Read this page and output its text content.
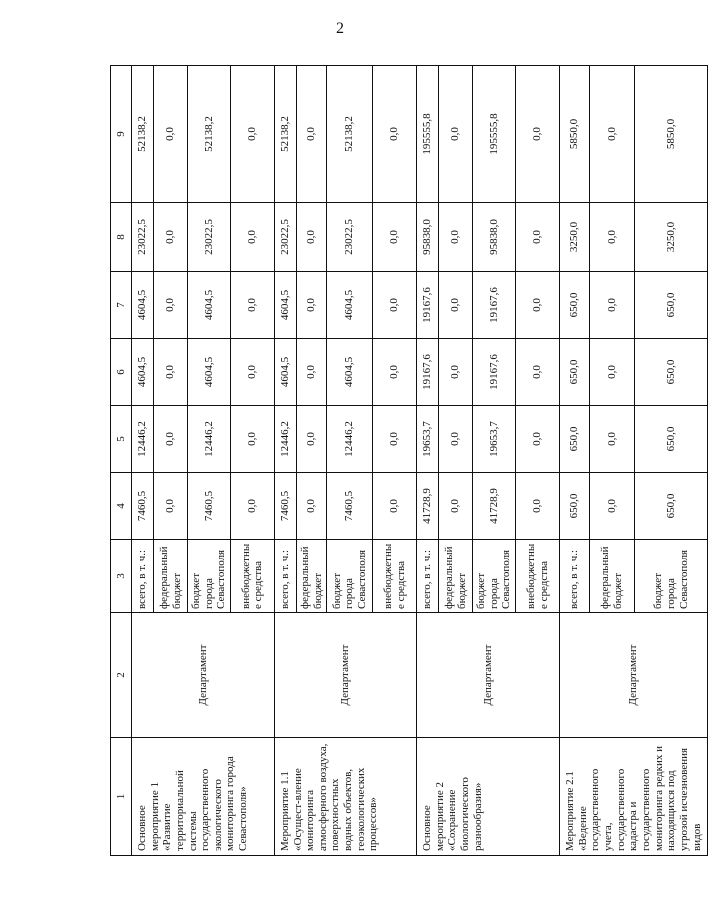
2
1	2	3	4	5	6	7	8	9
Основное мероприятие 1 «Развитие территориальной системы государственного экологического мониторинга города Севастополя»	Департамент	всего, в т. ч.:	7460,5	12446,2	4604,5	4604,5	23022,5	52138,2
		федеральный бюджет	0,0	0,0	0,0	0,0	0,0	0,0
		бюджет города Севастополя	7460,5	12446,2	4604,5	4604,5	23022,5	52138,2
		внебюджетные средства	0,0	0,0	0,0	0,0	0,0	0,0
Мероприятие 1.1 «Осущест-вление мониторинга атмосферного воздуха, поверхностных водных объектов, геоэкологических процессов»	Департамент	всего, в т. ч.:	7460,5	12446,2	4604,5	4604,5	23022,5	52138,2
		федеральный бюджет	0,0	0,0	0,0	0,0	0,0	0,0
		бюджет города Севастополя	7460,5	12446,2	4604,5	4604,5	23022,5	52138,2
		внебюджетные средства	0,0	0,0	0,0	0,0	0,0	0,0
Основное мероприятие 2 «Сохранение биологического разнообразия»	Департамент	всего, в т. ч.:	41728,9	19653,7	19167,6	19167,6	95838,0	195555,8
		федеральный бюджет	0,0	0,0	0,0	0,0	0,0	0,0
		бюджет города Севастополя	41728,9	19653,7	19167,6	19167,6	95838,0	195555,8
		внебюджетные средства	0,0	0,0	0,0	0,0	0,0	0,0
Мероприятие 2.1 «Ведение государственного учета, государственного кадастра и государственного мониторинга редких и находящихся под угрозой исчезновения видов	Департамент	всего, в т. ч.:	650,0	650,0	650,0	650,0	3250,0	5850,0
		федеральный бюджет	0,0	0,0	0,0	0,0	0,0	0,0
		бюджет города Севастополя	650,0	650,0	650,0	650,0	3250,0	5850,0
